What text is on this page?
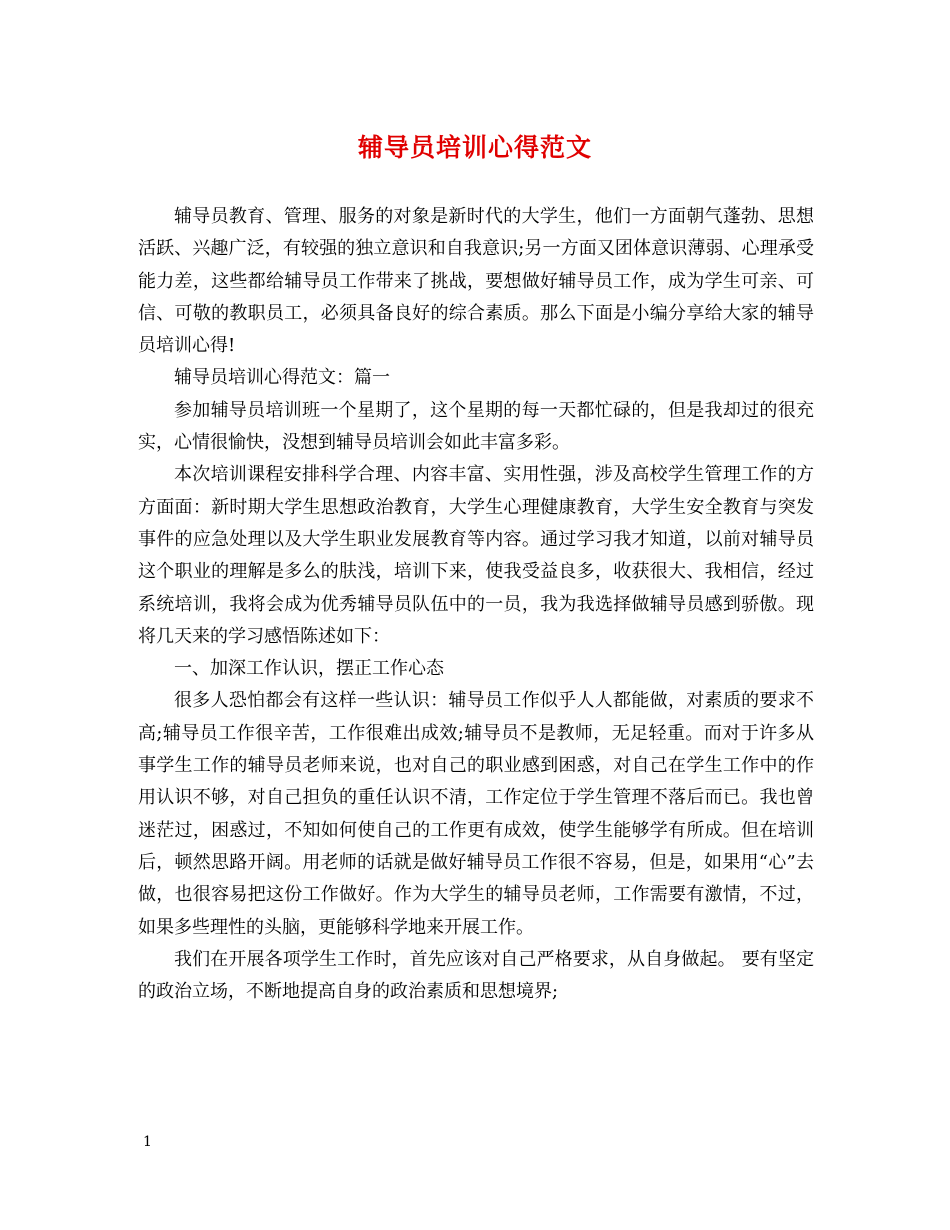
辅导员培训心得范文

辅导员教育、管理、服务的对象是新时代的大学生，他们一方面朝气蓬勃、思想活跃、兴趣广泛，有较强的独立意识和自我意识;另一方面又团体意识薄弱、心理承受能力差，这些都给辅导员工作带来了挑战，要想做好辅导员工作，成为学生可亲、可信、可敬的教职员工，必须具备良好的综合素质。那么下面是小编分享给大家的辅导员培训心得!

辅导员培训心得范文：篇一

参加辅导员培训班一个星期了，这个星期的每一天都忙碌的，但是我却过的很充实，心情很愉快，没想到辅导员培训会如此丰富多彩。

本次培训课程安排科学合理、内容丰富、实用性强，涉及高校学生管理工作的方方面面：新时期大学生思想政治教育，大学生心理健康教育，大学生安全教育与突发事件的应急处理以及大学生职业发展教育等内容。通过学习我才知道，以前对辅导员这个职业的理解是多么的肤浅，培训下来，使我受益良多，收获很大、我相信，经过系统培训，我将会成为优秀辅导员队伍中的一员，我为我选择做辅导员感到骄傲。现将几天来的学习感悟陈述如下：

一、加深工作认识，摆正工作心态

很多人恐怕都会有这样一些认识：辅导员工作似乎人人都能做，对素质的要求不高;辅导员工作很辛苦，工作很难出成效;辅导员不是教师，无足轻重。而对于许多从事学生工作的辅导员老师来说，也对自己的职业感到困惑，对自己在学生工作中的作用认识不够，对自己担负的重任认识不清，工作定位于学生管理不落后而已。我也曾迷茫过，困惑过，不知如何使自己的工作更有成效，使学生能够学有所成。但在培训后，顿然思路开阔。用老师的话就是做好辅导员工作很不容易，但是，如果用“心”去做，也很容易把这份工作做好。作为大学生的辅导员老师，工作需要有激情，不过，如果多些理性的头脑，更能够科学地来开展工作。

我们在开展各项学生工作时，首先应该对自己严格要求，从自身做起。 要有坚定的政治立场，不断地提高自身的政治素质和思想境界;

1
